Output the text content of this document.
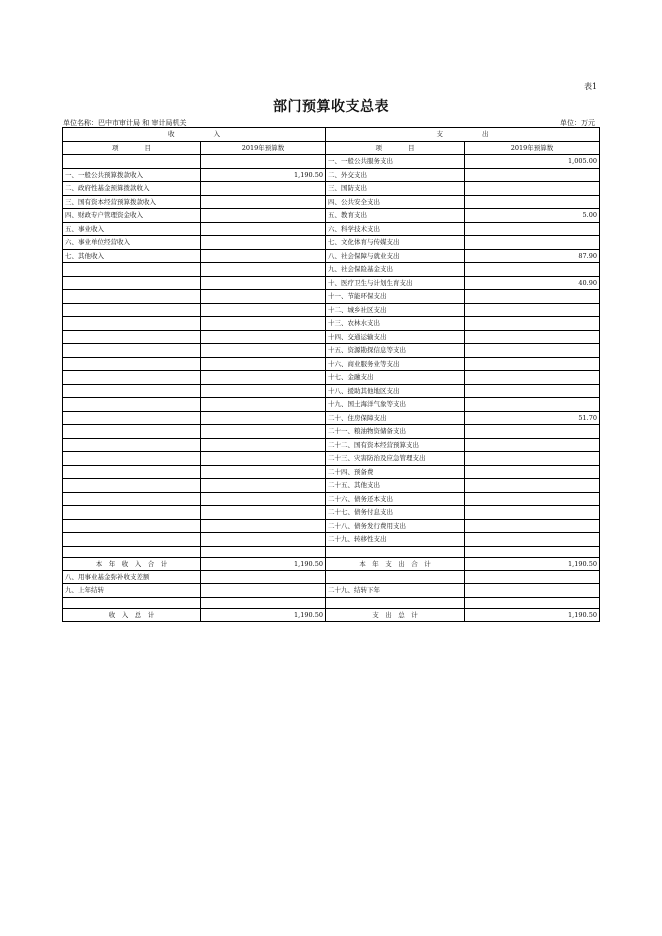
表1
部门预算收支总表
单位名称：巴中市审计局 和 审计局机关	单位：万元
收　　　　　　入		支　　　　　　出	
项　　　　目	2019年预算数	项　　　　目	2019年预算数
		一、一般公共服务支出	1,005.00
一、一般公共预算拨款收入	1,190.50	二、外交支出	
二、政府性基金预算拨款收入		三、国防支出	
三、国有资本经营预算拨款收入		四、公共安全支出	
四、财政专户管理资金收入		五、教育支出	5.00
五、事业收入		六、科学技术支出	
六、事业单位经营收入		七、文化体育与传媒支出	
七、其他收入		八、社会保障与就业支出	87.90
		九、社会保险基金支出	
		十、医疗卫生与计划生育支出	40.90
		十一、节能环保支出	
		十二、城乡社区支出	
		十三、农林水支出	
		十四、交通运输支出	
		十五、资源勘探信息等支出	
		十六、商业服务业等支出	
		十七、金融支出	
		十八、援助其他地区支出	
		十九、国土海洋气象等支出	
		二十、住房保障支出	51.70
		二十一、粮油物资储备支出	
		二十二、国有资本经营预算支出	
		二十三、灾害防治及应急管理支出	
		二十四、预备费	
		二十五、其他支出	
		二十六、债务还本支出	
		二十七、债务付息支出	
		二十八、债务发行费用支出	
		二十九、转移性支出	

本　年　收　入　合　计	1,190.50	本　年　支　出　合　计	1,190.50
八、用事业基金弥补收支差额			
九、上年结转		二十九、结转下年	

收　入　总　计	1,190.50	支　出　总　计	1,190.50
